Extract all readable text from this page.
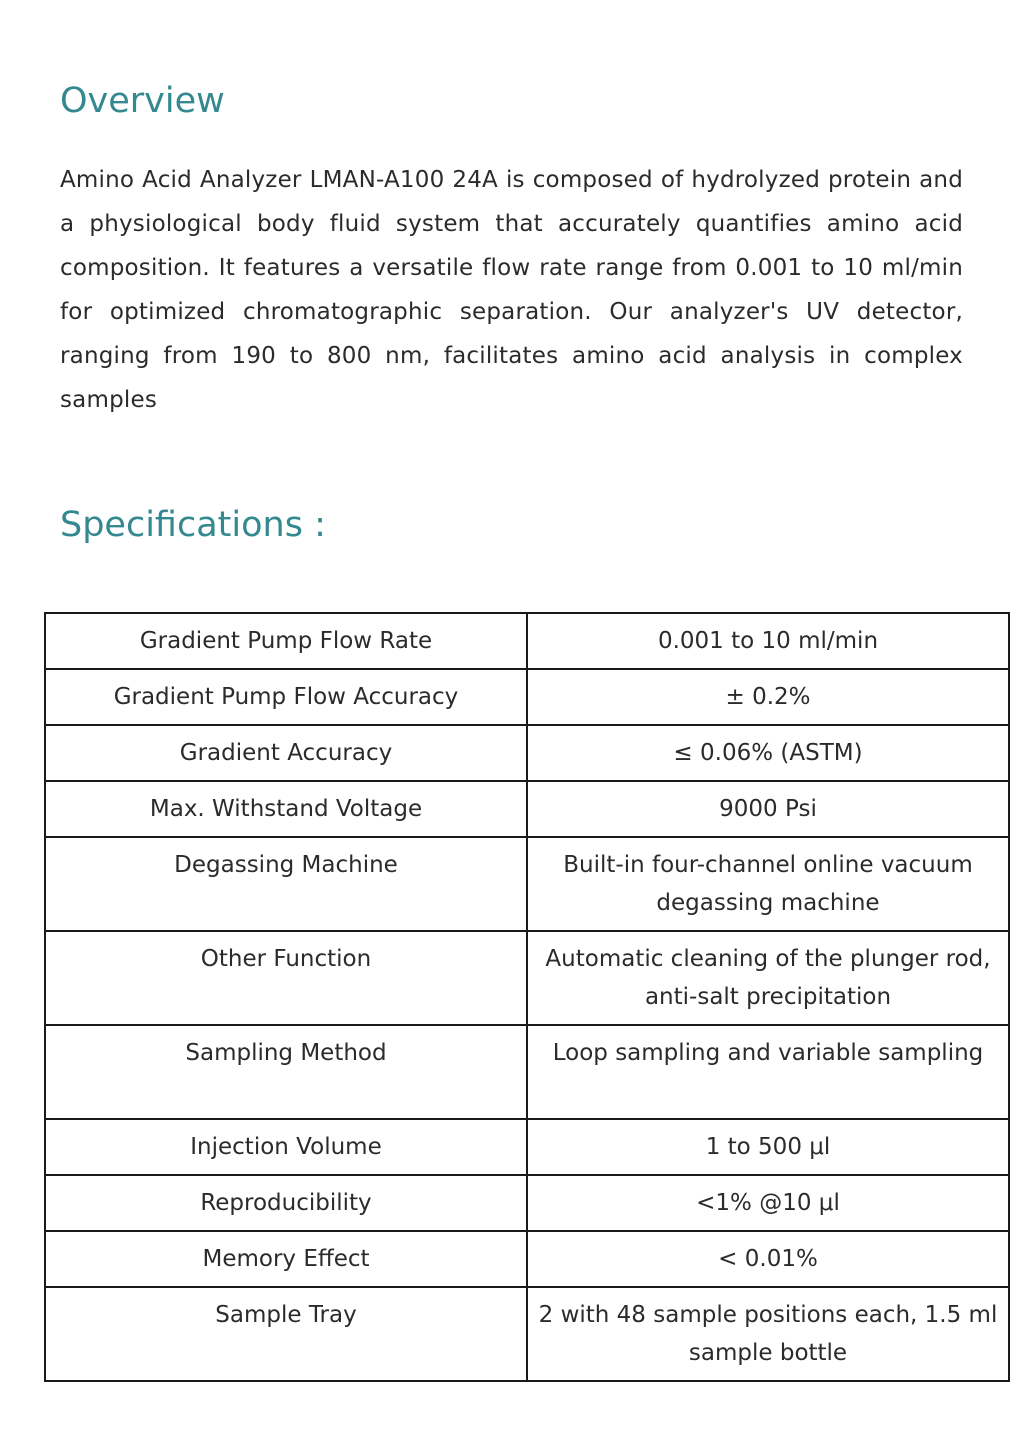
Overview

Amino Acid Analyzer LMAN-A100 24A is composed of hydrolyzed protein and a physiological body fluid system that accurately quantifies amino acid composition. It features a versatile flow rate range from 0.001 to 10 ml/min for optimized chromatographic separation. Our analyzer's UV detector, ranging from 190 to 800 nm, facilitates amino acid analysis in complex samples

Specifications :
Gradient Pump Flow Rate	0.001 to 10 ml/min
Gradient Pump Flow Accuracy	± 0.2%
Gradient Accuracy	≤ 0.06% (ASTM)
Max. Withstand Voltage	9000 Psi
Degassing Machine	Built-in four-channel online vacuum degassing machine
Other Function	Automatic cleaning of the plunger rod, anti-salt precipitation
Sampling Method	Loop sampling and variable sampling
Injection Volume	1 to 500 μl
Reproducibility	<1% @10 μl
Memory Effect	< 0.01%
Sample Tray	2 with 48 sample positions each, 1.5 ml sample bottle
